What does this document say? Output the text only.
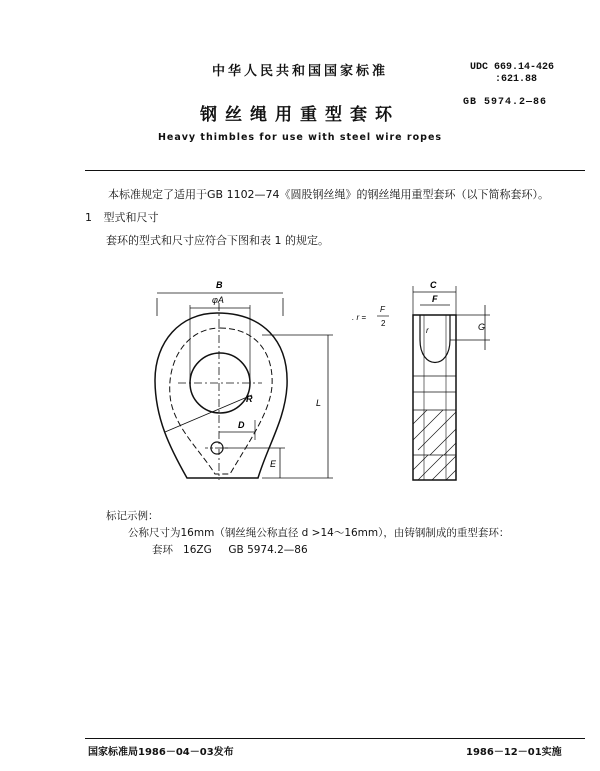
中华人民共和国国家标准	UDC 669.14-426
:621.88
GB 5974.2—86
钢丝绳用重型套环
Heavy thimbles for use with steel wire ropes
本标准规定了适用于GB 1102—74《圆股钢丝绳》的钢丝绳用重型套环（以下简称套环）。
1 型式和尺寸
套环的型式和尺寸应符合下图和表 1 的规定。
B
φA
R
D
L
E
C
F
G
r
. r =
F
2
标记示例：
公称尺寸为16mm（钢丝绳公称直径 d >14～16mm），由铸钢制成的重型套环：
套环   16ZG     GB 5974.2—86
国家标准局1986－04－03发布	1986－12－01实施
